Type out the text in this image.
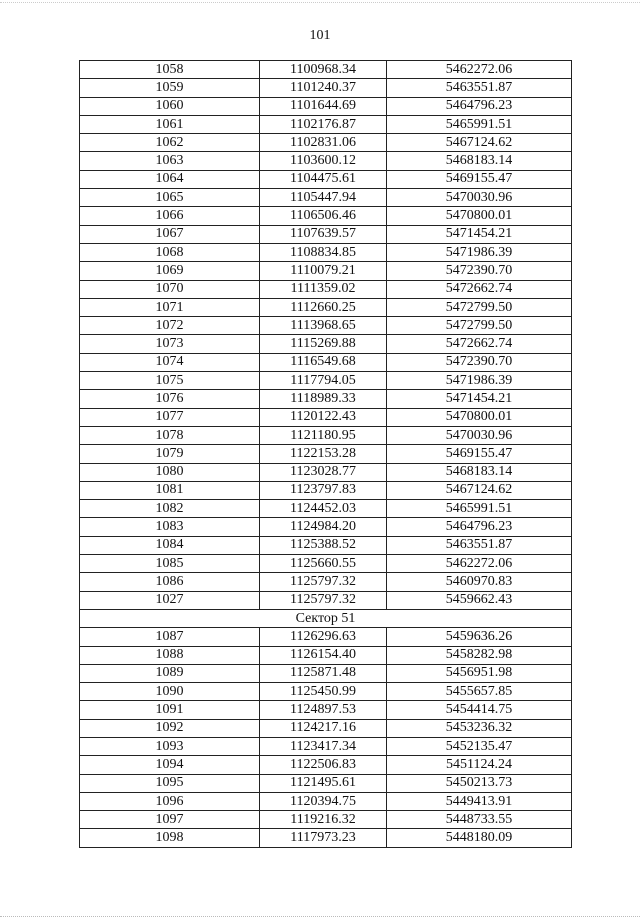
101
1058	1100968.34	5462272.06
1059	1101240.37	5463551.87
1060	1101644.69	5464796.23
1061	1102176.87	5465991.51
1062	1102831.06	5467124.62
1063	1103600.12	5468183.14
1064	1104475.61	5469155.47
1065	1105447.94	5470030.96
1066	1106506.46	5470800.01
1067	1107639.57	5471454.21
1068	1108834.85	5471986.39
1069	1110079.21	5472390.70
1070	1111359.02	5472662.74
1071	1112660.25	5472799.50
1072	1113968.65	5472799.50
1073	1115269.88	5472662.74
1074	1116549.68	5472390.70
1075	1117794.05	5471986.39
1076	1118989.33	5471454.21
1077	1120122.43	5470800.01
1078	1121180.95	5470030.96
1079	1122153.28	5469155.47
1080	1123028.77	5468183.14
1081	1123797.83	5467124.62
1082	1124452.03	5465991.51
1083	1124984.20	5464796.23
1084	1125388.52	5463551.87
1085	1125660.55	5462272.06
1086	1125797.32	5460970.83
1027	1125797.32	5459662.43
Сектор 51		
1087	1126296.63	5459636.26
1088	1126154.40	5458282.98
1089	1125871.48	5456951.98
1090	1125450.99	5455657.85
1091	1124897.53	5454414.75
1092	1124217.16	5453236.32
1093	1123417.34	5452135.47
1094	1122506.83	5451124.24
1095	1121495.61	5450213.73
1096	1120394.75	5449413.91
1097	1119216.32	5448733.55
1098	1117973.23	5448180.09
